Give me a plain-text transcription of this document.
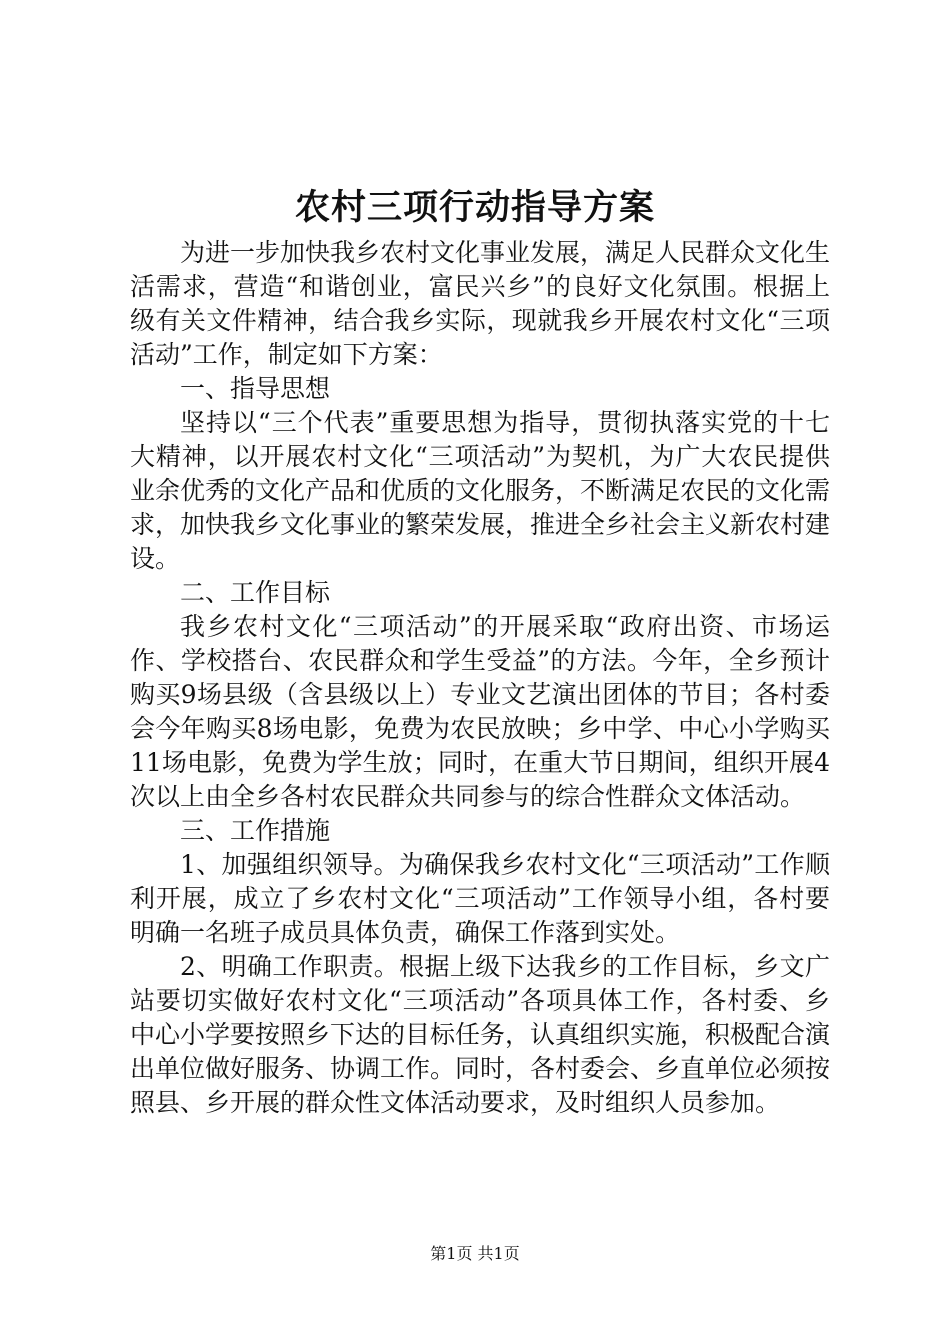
农村三项行动指导方案

为进一步加快我乡农村文化事业发展，满足人民群众文化生活需求，营造“和谐创业，富民兴乡”的良好文化氛围。根据上级有关文件精神，结合我乡实际，现就我乡开展农村文化“三项活动”工作，制定如下方案：

一、指导思想

坚持以“三个代表”重要思想为指导，贯彻执落实党的十七大精神，以开展农村文化“三项活动”为契机，为广大农民提供业余优秀的文化产品和优质的文化服务，不断满足农民的文化需求，加快我乡文化事业的繁荣发展，推进全乡社会主义新农村建设。

二、工作目标

我乡农村文化“三项活动”的开展采取“政府出资、市场运作、学校搭台、农民群众和学生受益”的方法。今年，全乡预计购买9场县级（含县级以上）专业文艺演出团体的节目；各村委会今年购买8场电影，免费为农民放映；乡中学、中心小学购买11场电影，免费为学生放；同时，在重大节日期间，组织开展4次以上由全乡各村农民群众共同参与的综合性群众文体活动。

三、工作措施

1、加强组织领导。为确保我乡农村文化“三项活动”工作顺利开展，成立了乡农村文化“三项活动”工作领导小组，各村要明确一名班子成员具体负责，确保工作落到实处。

2、明确工作职责。根据上级下达我乡的工作目标，乡文广站要切实做好农村文化“三项活动”各项具体工作，各村委、乡中心小学要按照乡下达的目标任务，认真组织实施，积极配合演出单位做好服务、协调工作。同时，各村委会、乡直单位必须按照县、乡开展的群众性文体活动要求，及时组织人员参加。

第1页 共1页
